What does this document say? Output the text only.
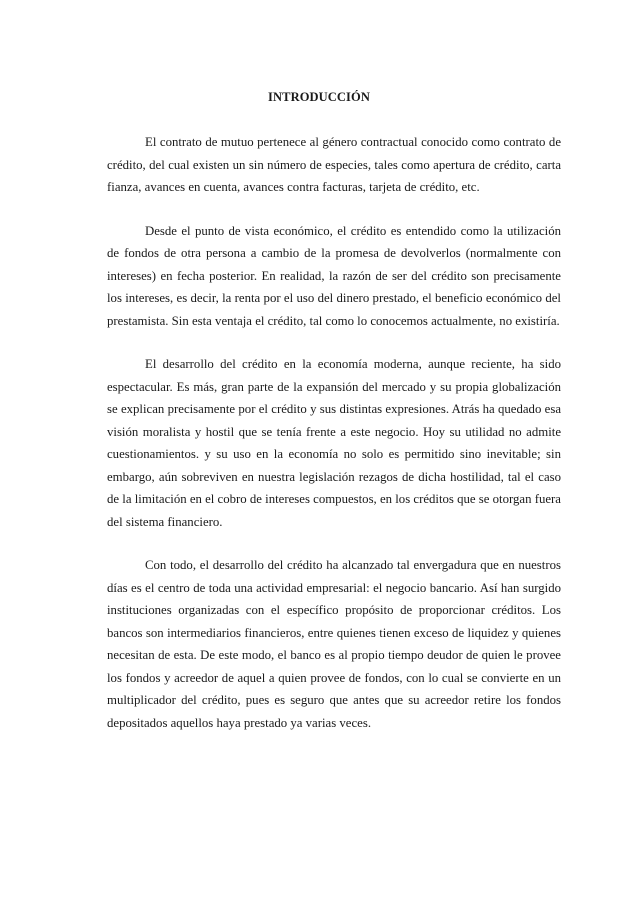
INTRODUCCIÓN

El contrato de mutuo pertenece al género contractual conocido como contrato de crédito, del cual existen un sin número de especies, tales como apertura de crédito, carta fianza, avances en cuenta, avances contra facturas, tarjeta de crédito, etc.

Desde el punto de vista económico, el crédito es entendido como la utilización de fondos de otra persona a cambio de la promesa de devolverlos (normalmente con intereses) en fecha posterior. En realidad, la razón de ser del crédito son precisamente los intereses, es decir, la renta por el uso del dinero prestado, el beneficio económico del prestamista. Sin esta ventaja el crédito, tal como lo conocemos actualmente, no existiría.

El desarrollo del crédito en la economía moderna, aunque reciente, ha sido espectacular. Es más, gran parte de la expansión del mercado y su propia globalización se explican precisamente por el crédito y sus distintas expresiones. Atrás ha quedado esa visión moralista y hostil que se tenía frente a este negocio. Hoy su utilidad no admite cuestionamientos. y su uso en la economía no solo es permitido sino inevitable; sin embargo, aún sobreviven en nuestra legislación rezagos de dicha hostilidad, tal el caso de la limitación en el cobro de intereses compuestos, en los créditos que se otorgan fuera del sistema financiero.

Con todo, el desarrollo del crédito ha alcanzado tal envergadura que en nuestros días es el centro de toda una actividad empresarial: el negocio bancario. Así han surgido instituciones organizadas con el específico propósito de proporcionar créditos. Los bancos son intermediarios financieros, entre quienes tienen exceso de liquidez y quienes necesitan de esta. De este modo, el banco es al propio tiempo deudor de quien le provee los fondos y acreedor de aquel a quien provee de fondos, con lo cual se convierte en un multiplicador del crédito, pues es seguro que antes que su acreedor retire los fondos depositados aquellos haya prestado ya varias veces.
